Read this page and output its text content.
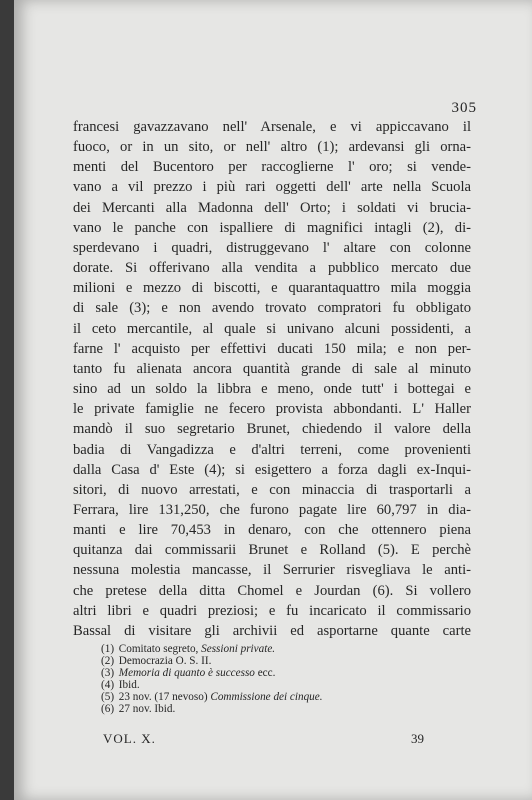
305
francesi gavazzavano nell' Arsenale, e vi appiccavano il
fuoco, or in un sito, or nell' altro (1); ardevansi gli orna-
menti del Bucentoro per raccoglierne l' oro; si vende-
vano a vil prezzo i più rari oggetti dell' arte nella Scuola
dei Mercanti alla Madonna dell' Orto; i soldati vi brucia-
vano le panche con ispalliere di magnifici intagli (2), di-
sperdevano i quadri, distruggevano l' altare con colonne
dorate. Si offerivano alla vendita a pubblico mercato due
milioni e mezzo di biscotti, e quarantaquattro mila moggia
di sale (3); e non avendo trovato compratori fu obbligato
il ceto mercantile, al quale si univano alcuni possidenti, a
farne l' acquisto per effettivi ducati 150 mila; e non per-
tanto fu alienata ancora quantità grande di sale al minuto
sino ad un soldo la libbra e meno, onde tutt' i bottegai e
le private famiglie ne fecero provista abbondanti. L' Haller
mandò il suo segretario Brunet, chiedendo il valore della
badia di Vangadizza e d'altri terreni, come provenienti
dalla Casa d' Este (4); si esigettero a forza dagli ex-Inqui-
sitori, di nuovo arrestati, e con minaccia di trasportarli a
Ferrara, lire 131,250, che furono pagate lire 60,797 in dia-
manti e lire 70,453 in denaro, con che ottennero piena
quitanza dai commissarii Brunet e Rolland (5). E perchè
nessuna molestia mancasse, il Serrurier risvegliava le anti-
che pretese della ditta Chomel e Jourdan (6). Si vollero
altri libri e quadri preziosi; e fu incaricato il commissario
Bassal di visitare gli archivii ed asportarne quante carte
(1) Comitato segreto, Sessioni private.
(2) Democrazia O. S. II.
(3) Memoria di quanto è successo ecc.
(4) Ibid.
(5) 23 nov. (17 nevoso) Commissione dei cinque.
(6) 27 nov. Ibid.
VOL. X.	39
